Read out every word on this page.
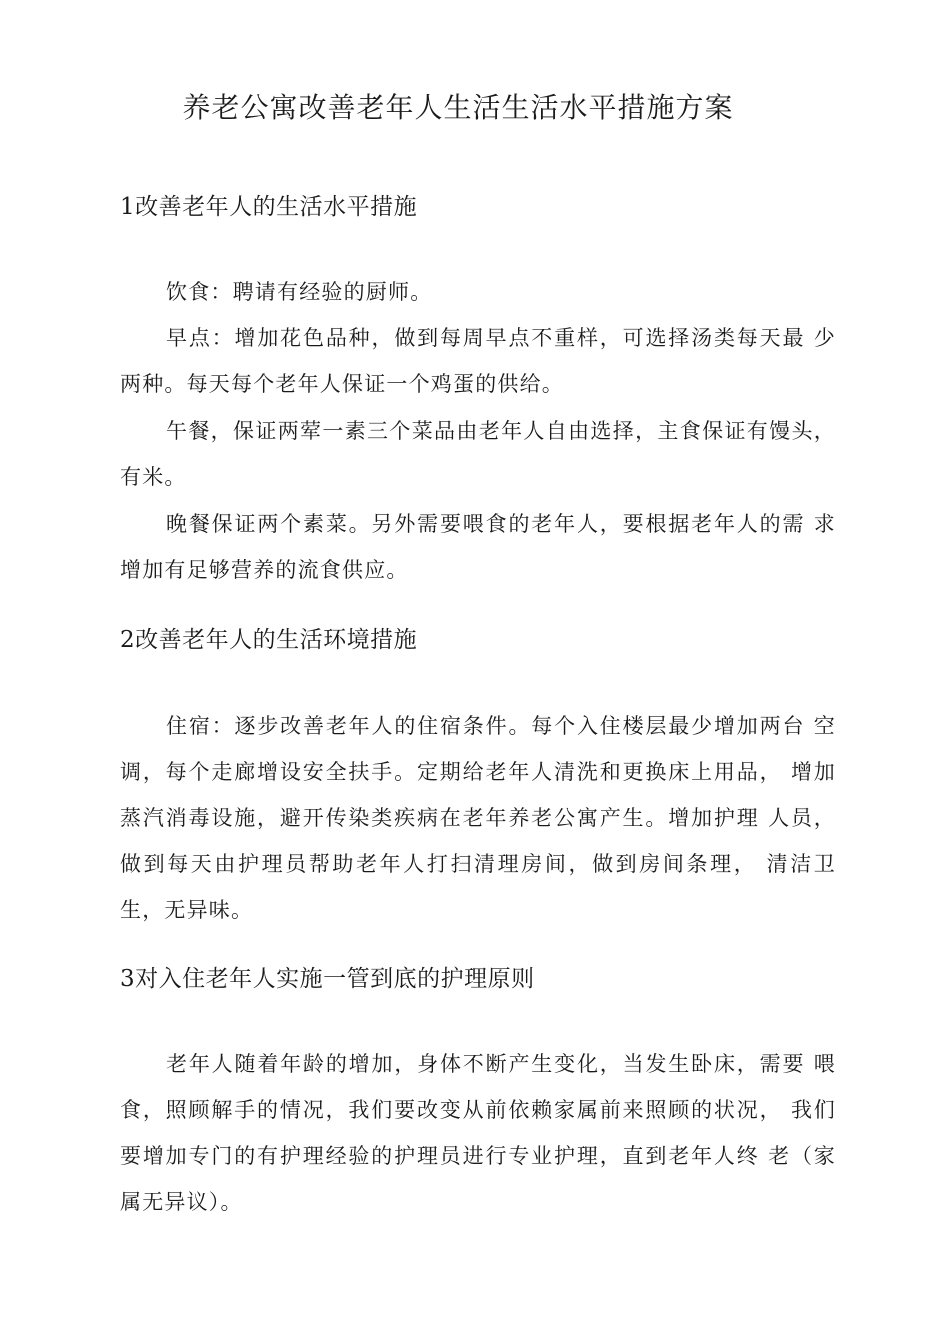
养老公寓改善老年人生活生活水平措施方案
1改善老年人的生活水平措施

饮食：聘请有经验的厨师。

早点：增加花色品种，做到每周早点不重样，可选择汤类每天最 少两种。每天每个老年人保证一个鸡蛋的供给。

午餐，保证两荤一素三个菜品由老年人自由选择，主食保证有馒头，有米。

晚餐保证两个素菜。另外需要喂食的老年人，要根据老年人的需 求增加有足够营养的流食供应。

2改善老年人的生活环境措施

住宿：逐步改善老年人的住宿条件。每个入住楼层最少增加两台 空调，每个走廊增设安全扶手。定期给老年人清洗和更换床上用品， 增加蒸汽消毒设施，避开传染类疾病在老年养老公寓产生。增加护理 人员，做到每天由护理员帮助老年人打扫清理房间，做到房间条理， 清洁卫生，无异味。

3对入住老年人实施一管到底的护理原则

老年人随着年龄的增加，身体不断产生变化，当发生卧床，需要 喂食，照顾解手的情况，我们要改变从前依赖家属前来照顾的状况， 我们要增加专门的有护理经验的护理员进行专业护理，直到老年人终 老（家属无异议）。
